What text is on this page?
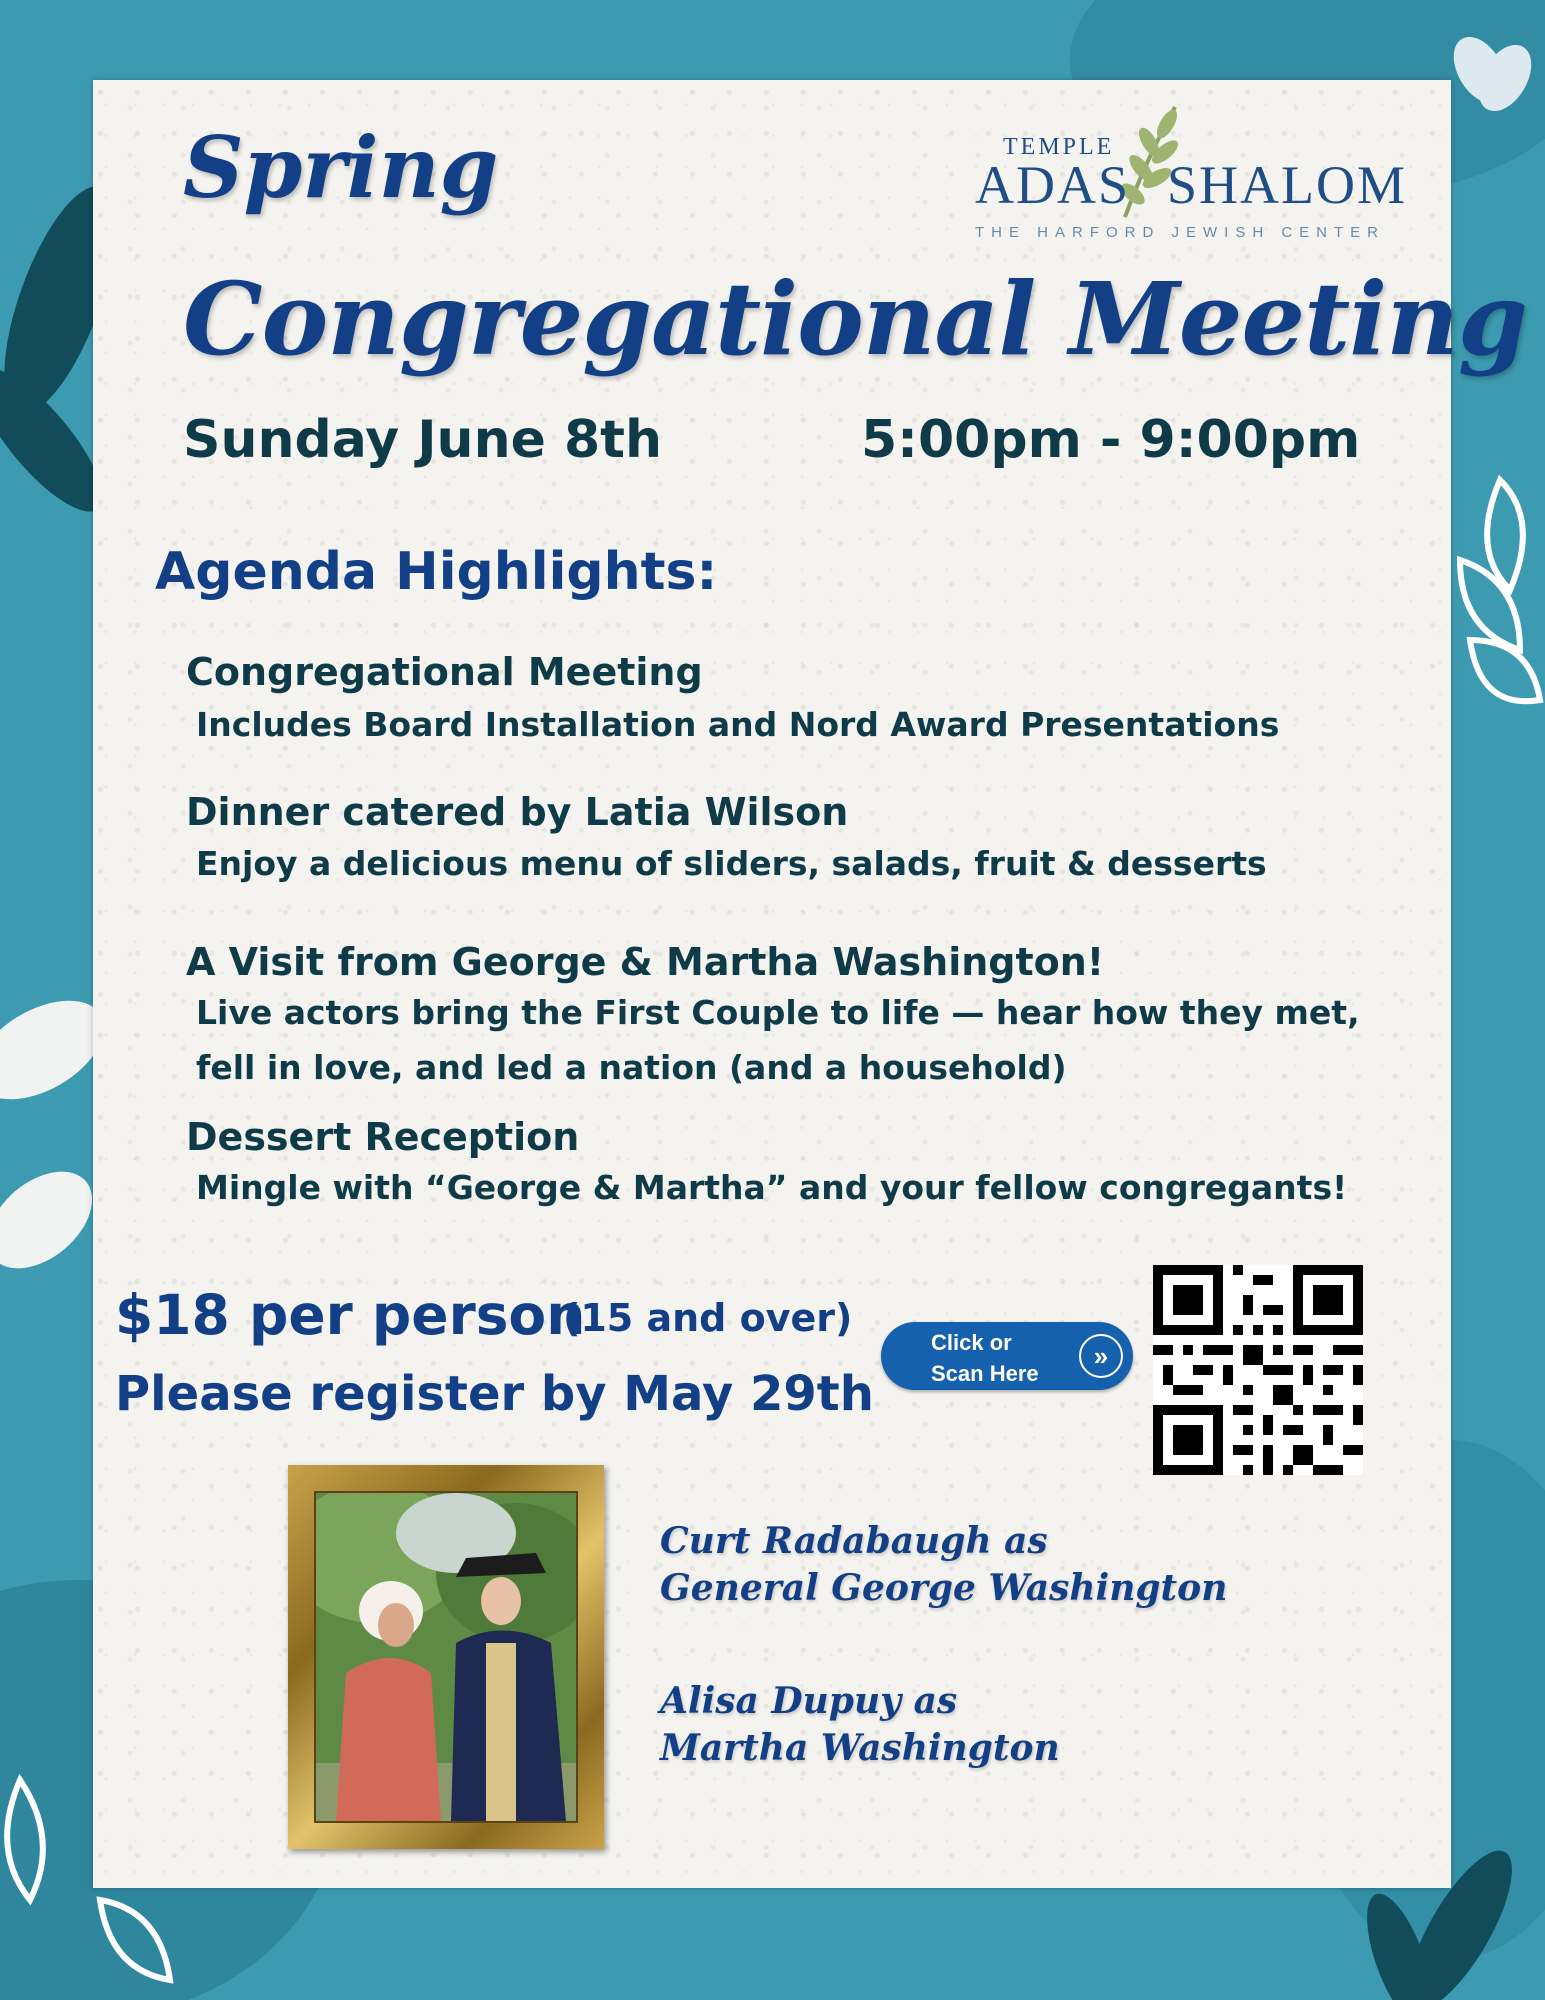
Spring

Congregational Meeting

TEMPLE
ADAS SHALOM
THE HARFORD JEWISH CENTER

Sunday June 8th	5:00pm - 9:00pm

Agenda Highlights:

Congregational Meeting

Includes Board Installation and Nord Award Presentations

Dinner catered by Latia Wilson

Enjoy a delicious menu of sliders, salads, fruit & desserts

A Visit from George & Martha Washington!

Live actors bring the First Couple to life — hear how they met,

fell in love, and led a nation (and a household)

Dessert Reception

Mingle with “George & Martha” and your fellow congregants!

$18 per person

(15 and over)

Please register by May 29th

Click or
Scan Here
»
Curt Radabaugh as
General George Washington
Alisa Dupuy as
Martha Washington
